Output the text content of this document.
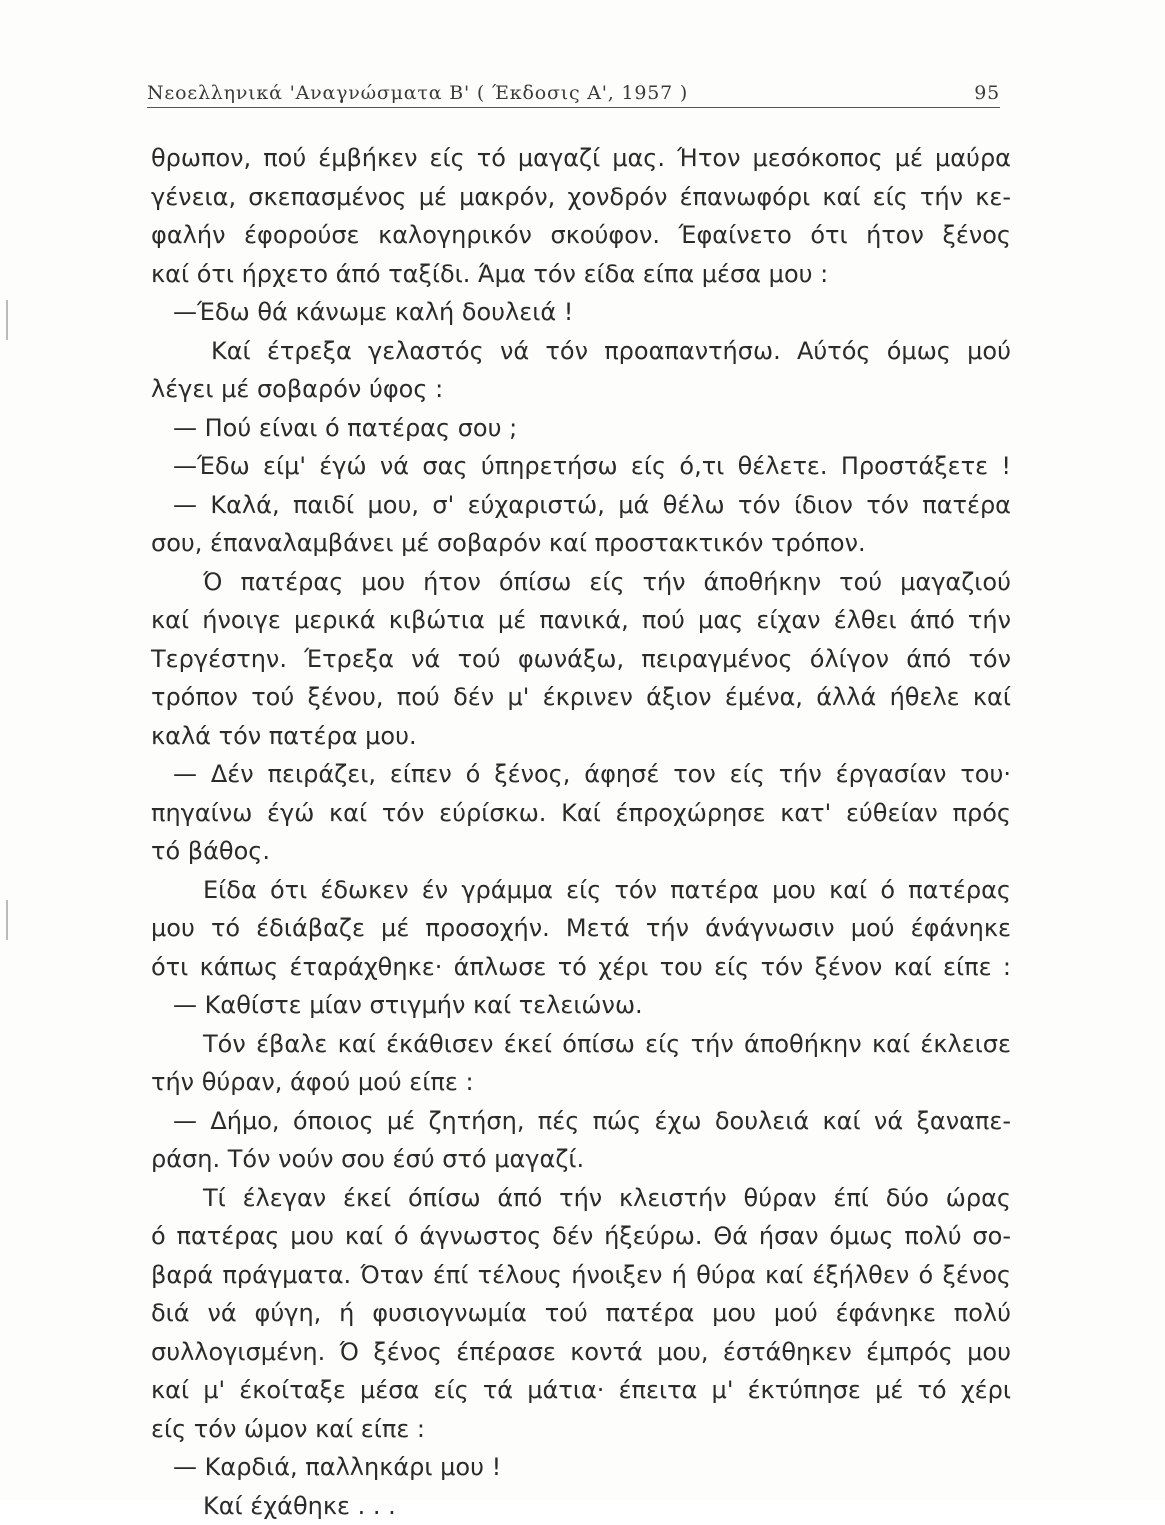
Νεοελληνικά 'Αναγνώσματα Β' ( Έκδοσις Α', 1957 )	95
θρωπον, πού έμβήκεν είς τό μαγαζί μας. Ήτον μεσόκοπος μέ μαύρα
γένεια, σκεπασμένος μέ μακρόν, χονδρόν έπανωφόρι καί είς τήν κε-
φαλήν έφορούσε καλογηρικόν σκούφον. Έφαίνετο ότι ήτον ξένος
καί ότι ήρχετο άπό ταξίδι. Άμα τόν είδα είπα μέσα μου :
—Έδω θά κάνωμε καλή δουλειά !
Καί έτρεξα γελαστός νά τόν προαπαντήσω. Αύτός όμως μού
λέγει μέ σοβαρόν ύφος :
— Πού είναι ό πατέρας σου ;
—Έδω είμ' έγώ νά σας ύπηρετήσω είς ό,τι θέλετε. Προστάξετε !
— Καλά, παιδί μου, σ' εύχαριστώ, μά θέλω τόν ίδιον τόν πατέρα
σου, έπαναλαμβάνει μέ σοβαρόν καί προστακτικόν τρόπον.
Ό πατέρας μου ήτον όπίσω είς τήν άποθήκην τού μαγαζιού
καί ήνοιγε μερικά κιβώτια μέ πανικά, πού μας είχαν έλθει άπό τήν
Τεργέστην. Έτρεξα νά τού φωνάξω, πειραγμένος όλίγον άπό τόν
τρόπον τού ξένου, πού δέν μ' έκρινεν άξιον έμένα, άλλά ήθελε καί
καλά τόν πατέρα μου.
— Δέν πειράζει, είπεν ό ξένος, άφησέ τον είς τήν έργασίαν του·
πηγαίνω έγώ καί τόν εύρίσκω. Καί έπροχώρησε κατ' εύθείαν πρός
τό βάθος.
Είδα ότι έδωκεν έν γράμμα είς τόν πατέρα μου καί ό πατέρας
μου τό έδιάβαζε μέ προσοχήν. Μετά τήν άνάγνωσιν μού έφάνηκε
ότι κάπως έταράχθηκε· άπλωσε τό χέρι του είς τόν ξένον καί είπε :
— Καθίστε μίαν στιγμήν καί τελειώνω.
Τόν έβαλε καί έκάθισεν έκεί όπίσω είς τήν άποθήκην καί έκλεισε
τήν θύραν, άφού μού είπε :
— Δήμο, όποιος μέ ζητήση, πές πώς έχω δουλειά καί νά ξαναπε-
ράση. Τόν νούν σου έσύ στό μαγαζί.
Τί έλεγαν έκεί όπίσω άπό τήν κλειστήν θύραν έπί δύο ώρας
ό πατέρας μου καί ό άγνωστος δέν ήξεύρω. Θά ήσαν όμως πολύ σο-
βαρά πράγματα. Όταν έπί τέλους ήνοιξεν ή θύρα καί έξήλθεν ό ξένος
διά νά φύγη, ή φυσιογνωμία τού πατέρα μου μού έφάνηκε πολύ
συλλογισμένη. Ό ξένος έπέρασε κοντά μου, έστάθηκεν έμπρός μου
καί μ' έκοίταξε μέσα είς τά μάτια· έπειτα μ' έκτύπησε μέ τό χέρι
είς τόν ώμον καί είπε :
— Καρδιά, παλληκάρι μου !
Καί έχάθηκε . . .
